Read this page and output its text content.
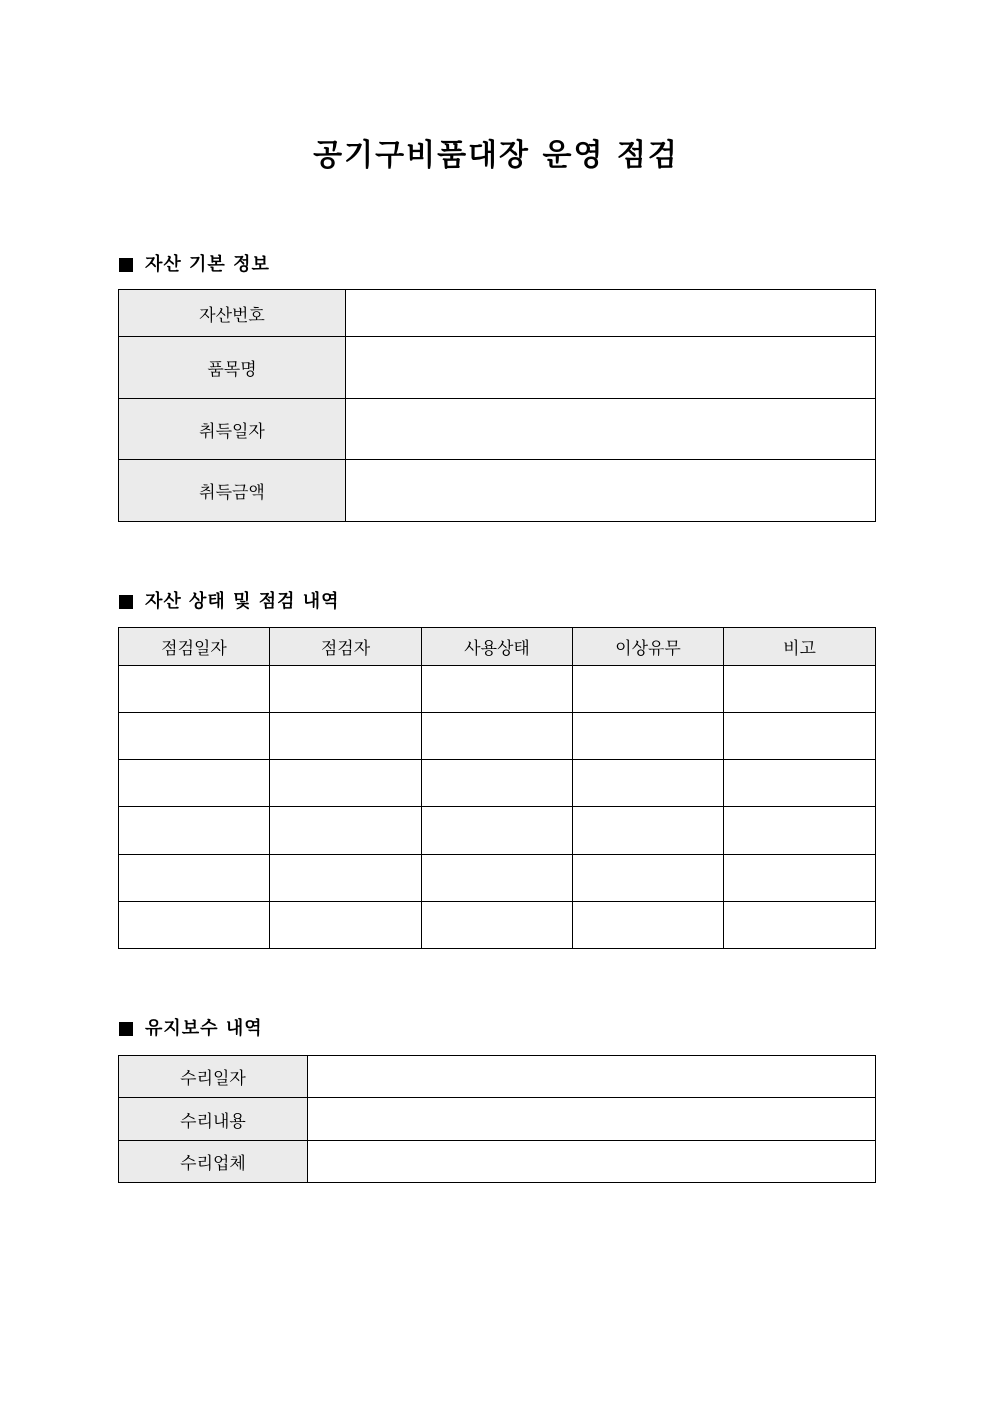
공기구비품대장 운영 점검
자산 기본 정보
자산번호	
품목명	
취득일자	
취득금액	
자산 상태 및 점검 내역
점검일자	점검자	사용상태	이상유무	비고

유지보수 내역
수리일자	
수리내용	
수리업체	
